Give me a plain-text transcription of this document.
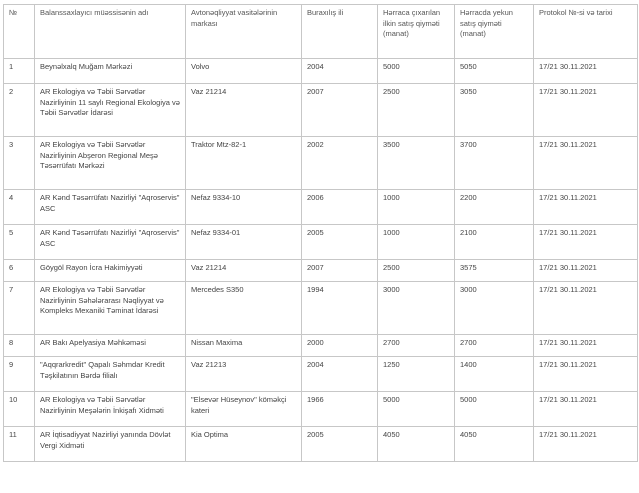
№	Balanssaxlayıcı müəssisənin adı	Avtonəqliyyat vasitələrinin markası	Buraxılış ili	Hərraca çıxarılan ilkin satış qiyməti (manat)	Hərracda yekun satış qiyməti (manat)	Protokol №-si və tarixi
1	Beynəlxalq Muğam Mərkəzi	Volvo	2004	5000	5050	17/21 30.11.2021
2	AR Ekologiya və Təbii Sərvətlər Nazirliyinin 11 saylı Regional Ekologiya və Təbii Sərvətlər İdarəsi	Vaz 21214	2007	2500	3050	17/21 30.11.2021
3	AR Ekologiya və Təbii Sərvətlər Nazirliyinin Abşeron Regional Meşə Təsərrüfatı Mərkəzi	Traktor Mtz-82-1	2002	3500	3700	17/21 30.11.2021
4	AR Kənd Təsərrüfatı Nazirliyi "Aqroservis" ASC	Nefaz 9334-10	2006	1000	2200	17/21 30.11.2021
5	AR Kənd Təsərrüfatı Nazirliyi "Aqroservis" ASC	Nefaz 9334-01	2005	1000	2100	17/21 30.11.2021
6	Göygöl Rayon İcra Hakimiyyəti	Vaz 21214	2007	2500	3575	17/21 30.11.2021
7	AR Ekologiya və Təbii Sərvətlər Nazirliyinin Səhələrarası Nəqliyyat və Kompleks Mexaniki Təminat İdarəsi	Mercedes S350	1994	3000	3000	17/21 30.11.2021
8	AR Bakı Apelyasiya Məhkəməsi	Nissan Maxima	2000	2700	2700	17/21 30.11.2021
9	"Aqqrarkredit" Qapalı Səhmdar Kredit Təşkilatının Bərdə filialı	Vaz 21213	2004	1250	1400	17/21 30.11.2021
10	AR Ekologiya və Təbii Sərvətlər Nazirliyinin Meşələrin İnkişafı Xidməti	"Elsevər Hüseynov" köməkçi kateri	1966	5000	5000	17/21 30.11.2021
11	AR İqtisadiyyat Nazirliyi yanında Dövlət Vergi Xidməti	Kia Optima	2005	4050	4050	17/21 30.11.2021
